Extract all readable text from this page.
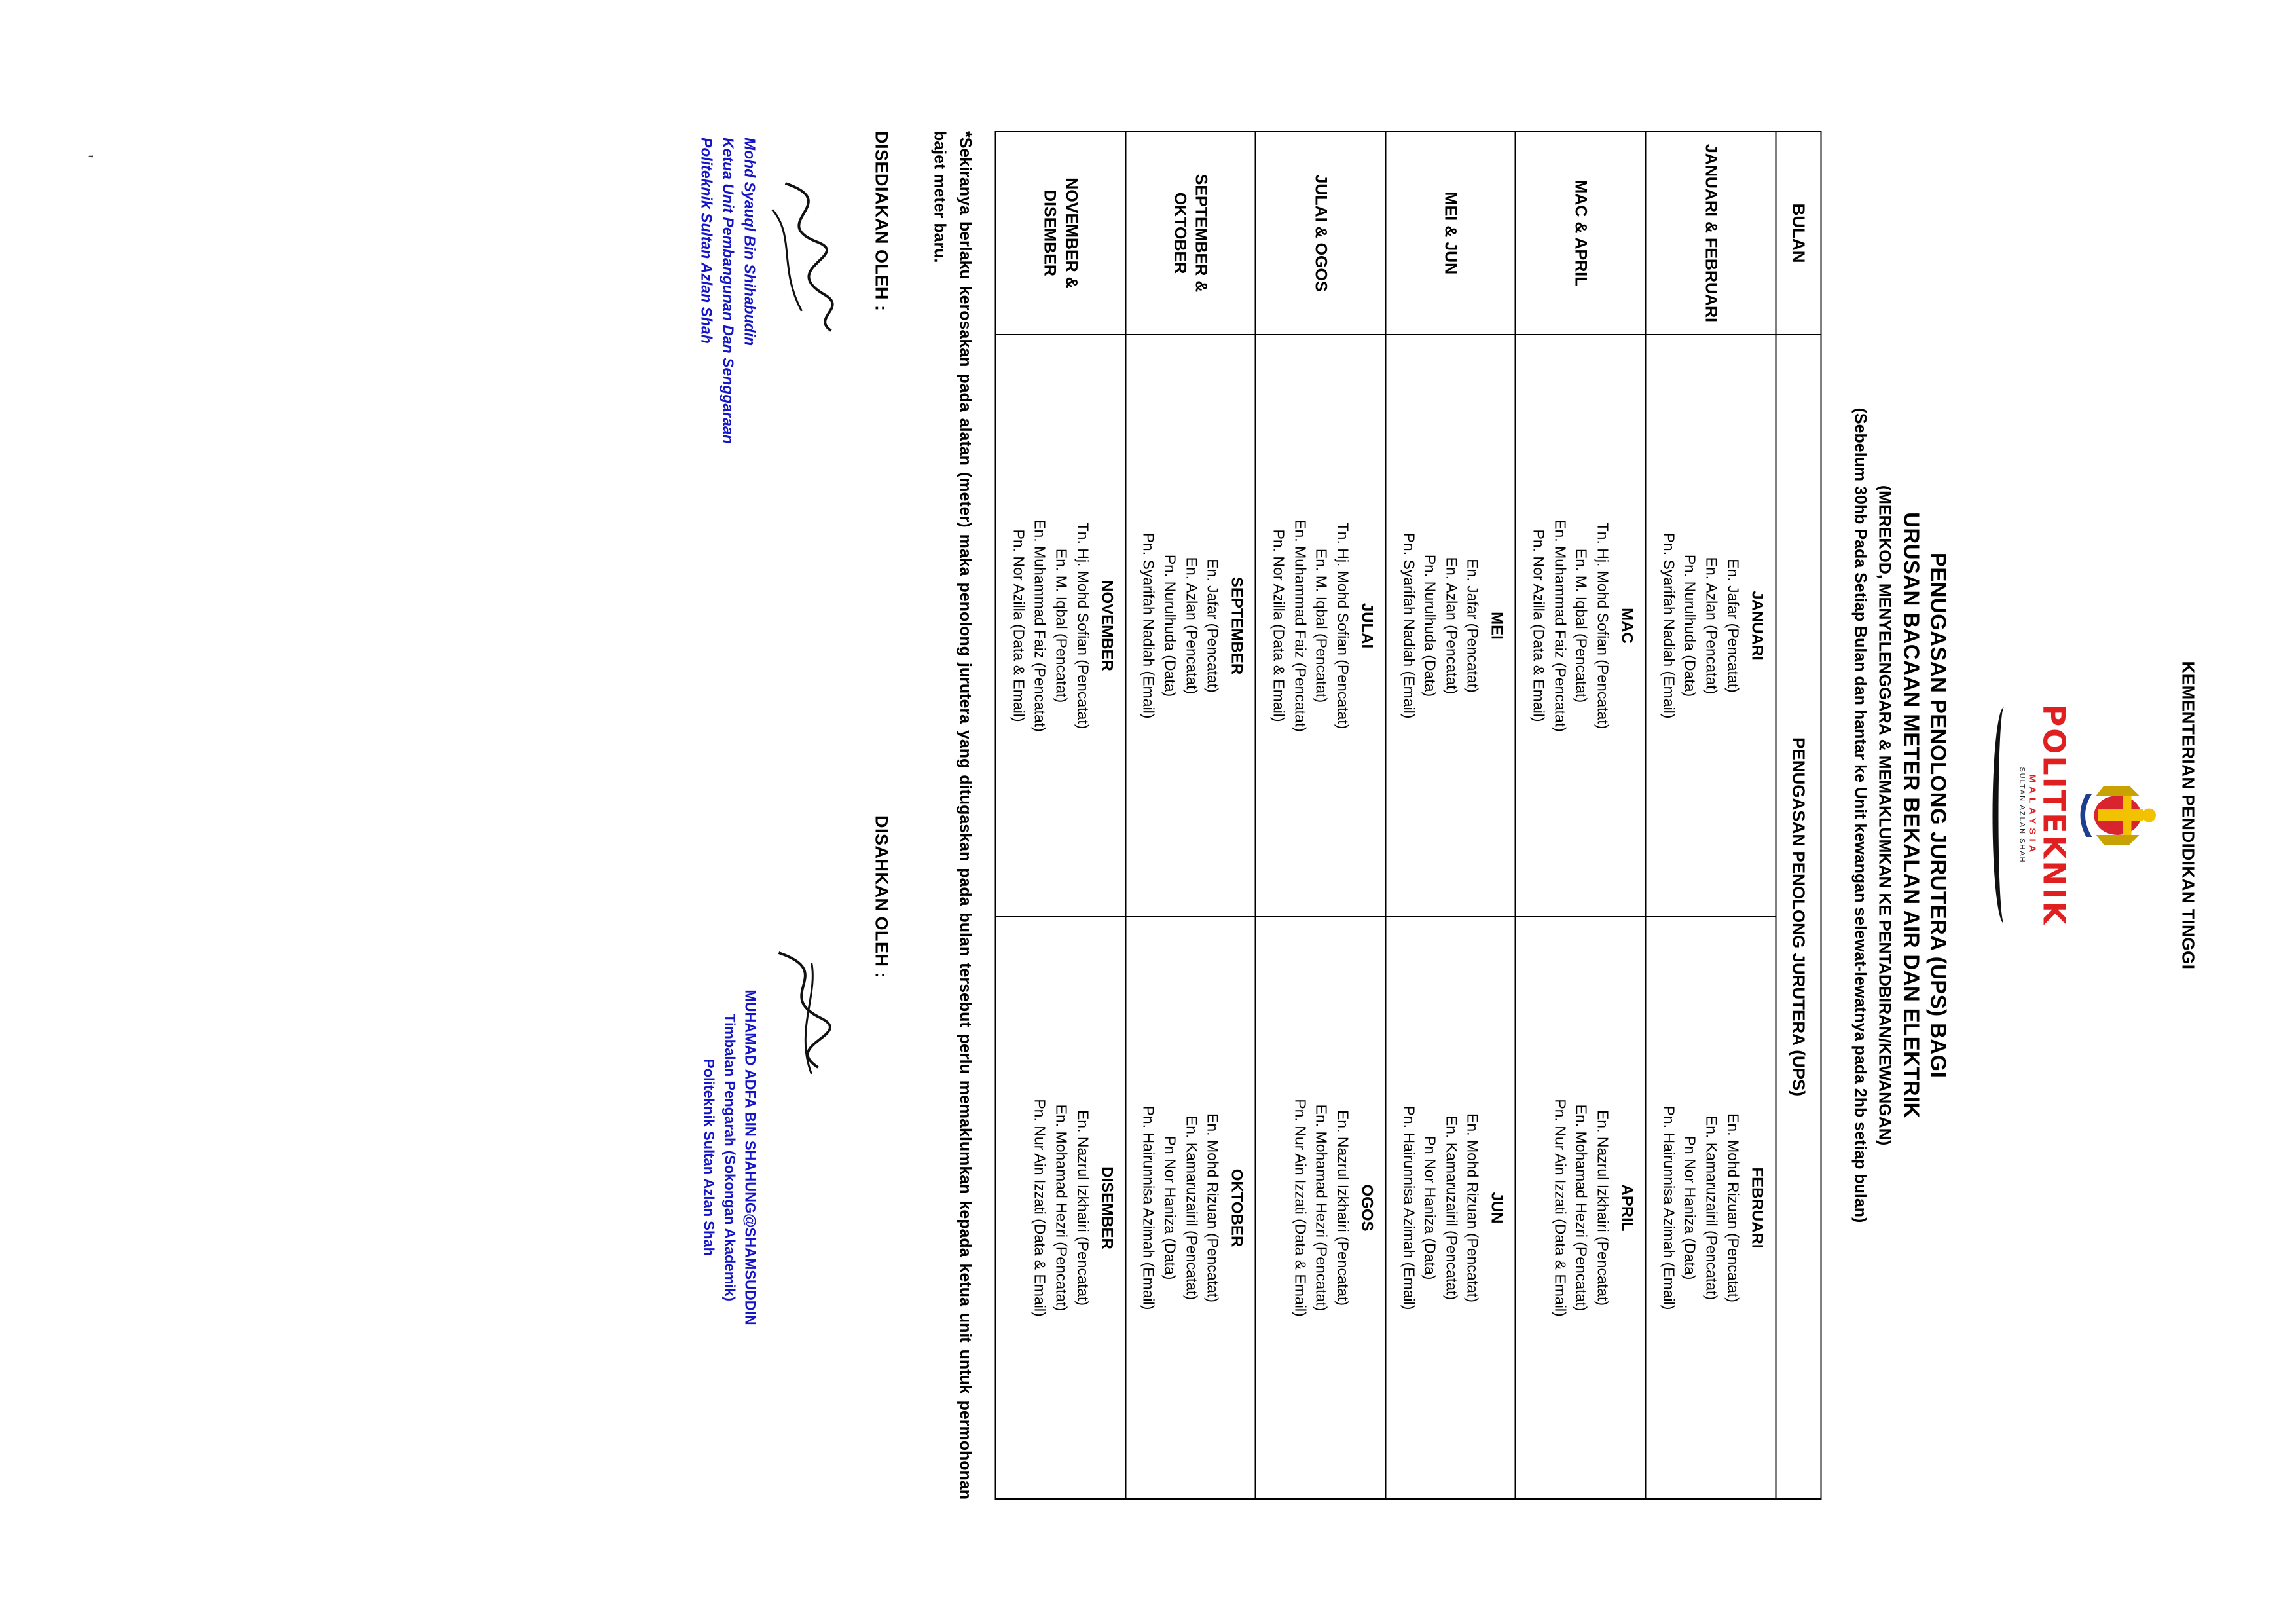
KEMENTERIAN PENDIDIKAN TINGGI
POLITEKNIK
MALAYSIA
SULTAN AZLAN SHAH
PENUGASAN PENOLONG JURUTERA (UPS) BAGI
URUSAN BACAAN METER BEKALAN AIR DAN ELEKTRIK
(MEREKOD, MENYELENGGARA & MEMAKLUMKAN KE PENTADBIRAN/KEWANGAN)
(Sebelum 30hb Pada Setiap Bulan dan hantar ke Unit kewangan selewat-lewatnya pada 2hb setiap bulan)
BULAN	PENUGASAN PENOLONG JURUTERA (UPS)
JANUARI & FEBRUARI	
JANUARI
En. Jafar (Pencatat)
En. Azlan (Pencatat)
Pn. Nurulhuda (Data)
Pn. Syarifah Nadiah (Email)
FEBRUARI
En. Mohd Rizuan (Pencatat)
En. Kamaruzairil (Pencatat)
Pn Nor Haniza (Data)
Pn. Hairunnisa Azimah (Email)

MAC & APRIL	
MAC
Tn. Hj. Mohd Sofian (Pencatat)
En. M. Iqbal (Pencatat)
En. Muhammad Faiz (Pencatat)
Pn. Nor Azilla (Data & Email)
APRIL
En. Nazrul Izkhairi (Pencatat)
En. Mohamad Hezri (Pencatat)
Pn. Nur Ain Izzati (Data & Email)

MEI & JUN	
MEI
En. Jafar (Pencatat)
En. Azlan (Pencatat)
Pn. Nurulhuda (Data)
Pn. Syarifah Nadiah (Email)
JUN
En. Mohd Rizuan (Pencatat)
En. Kamaruzairil (Pencatat)
Pn Nor Haniza (Data)
Pn. Hairunnisa Azimah (Email)

JULAI & OGOS	
JULAI
Tn. Hj. Mohd Sofian (Pencatat)
En. M. Iqbal (Pencatat)
En. Muhammad Faiz (Pencatat)
Pn. Nor Azilla (Data & Email)
OGOS
En. Nazrul Izkhairi (Pencatat)
En. Mohamad Hezri (Pencatat)
Pn. Nur Ain Izzati (Data & Email)

SEPTEMBER & OKTOBER	
SEPTEMBER
En. Jafar (Pencatat)
En. Azlan (Pencatat)
Pn. Nurulhuda (Data)
Pn. Syarifah Nadiah (Email)
OKTOBER
En. Mohd Rizuan (Pencatat)
En. Kamaruzairil (Pencatat)
Pn Nor Haniza (Data)
Pn. Hairunnisa Azimah (Email)

NOVEMBER & DISEMBER	
NOVEMBER
Tn. Hj. Mohd Sofian (Pencatat)
En. M. Iqbal (Pencatat)
En. Muhammad Faiz (Pencatat)
Pn. Nor Azilla (Data & Email)
DISEMBER
En. Nazrul Izkhairi (Pencatat)
En. Mohamad Hezri (Pencatat)
Pn. Nur Ain Izzati (Data & Email)
*Sekiranya berlaku kerosakan pada alatan (meter) maka penolong jurutera yang ditugaskan pada bulan tersebut perlu memaklumkan kepada ketua unit untuk permohonan bajet meter baru.
DISEDIAKAN OLEH :
Mohd Syauql Bin Shihabudin
Ketua Unit Pembangunan Dan Senggaraan
Politeknik Sultan Azlan Shah
DISAHKAN OLEH :
MUHAMAD ADFA BIN SHAHUNG@SHAMSUDDIN
Timbalan Pengarah (Sokongan Akademik)
Politeknik Sultan Azlan Shah
'
